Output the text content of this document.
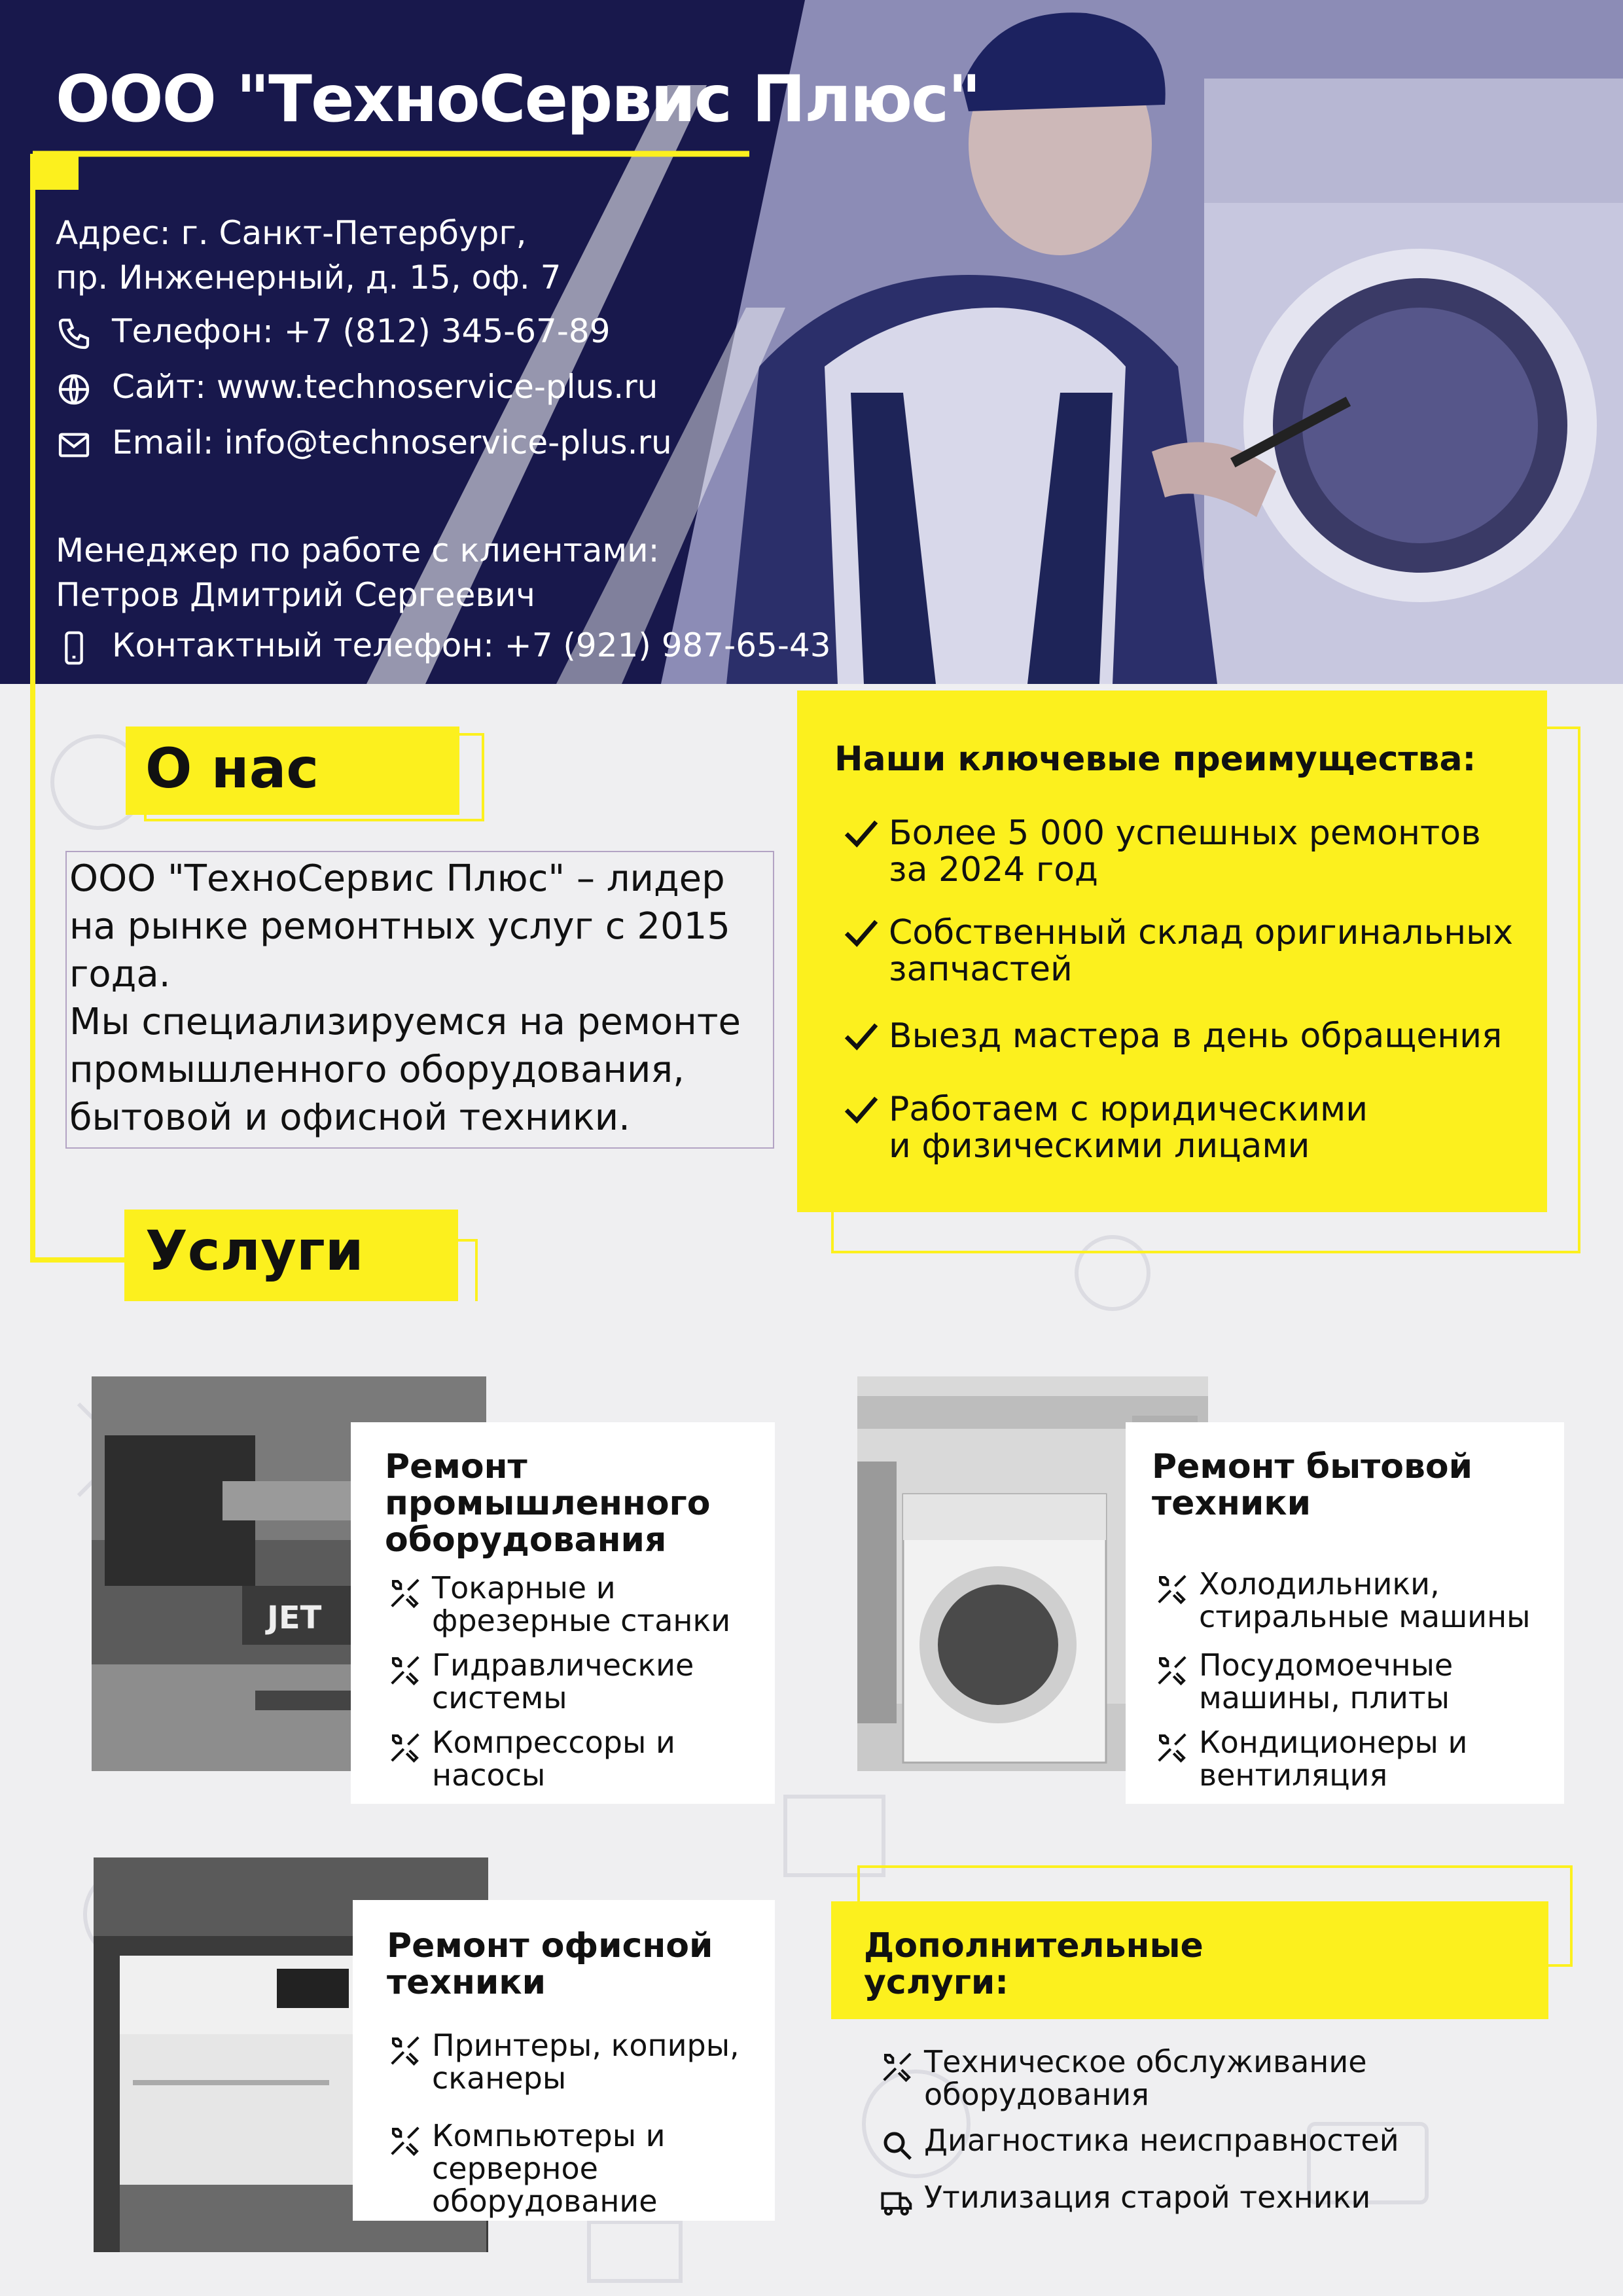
ООО "ТехноСервис Плюс"
Адрес: г. Санкт-Петербург,
пр. Инженерный, д. 15, оф. 7
Телефон: +7 (812) 345-67-89
Сайт: www.technoservice-plus.ru
Email: info@technoservice-plus.ru
Менеджер по работе с клиентами:
Петров Дмитрий Сергеевич
Контактный телефон: +7 (921) 987-65-43
О нас
ООО "ТехноСервис Плюс" – лидер
на рынке ремонтных услуг с 2015
года.
Мы специализируемся на ремонте
промышленного оборудования,
бытовой и офисной техники.
Наши ключевые преимущества:
Более 5 000 успешных ремонтов
за 2024 год
Собственный склад оригинальных
запчастей
Выезд мастера в день обращения
Работаем с юридическими
и физическими лицами
Услуги
JET
Ремонт
промышленного
оборудования
Токарные и
фрезерные станки
Гидравлические
системы
Компрессоры и
насосы
Ремонт бытовой
техники
Холодильники,
стиральные машины
Посудомоечные
машины, плиты
Кондиционеры и
вентиляция
Ремонт офисной
техники
Принтеры, копиры,
сканеры
Компьютеры и
серверное
оборудование
Дополнительные
услуги:
Техническое обслуживание
оборудования
Диагностика неисправностей
Утилизация старой техники
